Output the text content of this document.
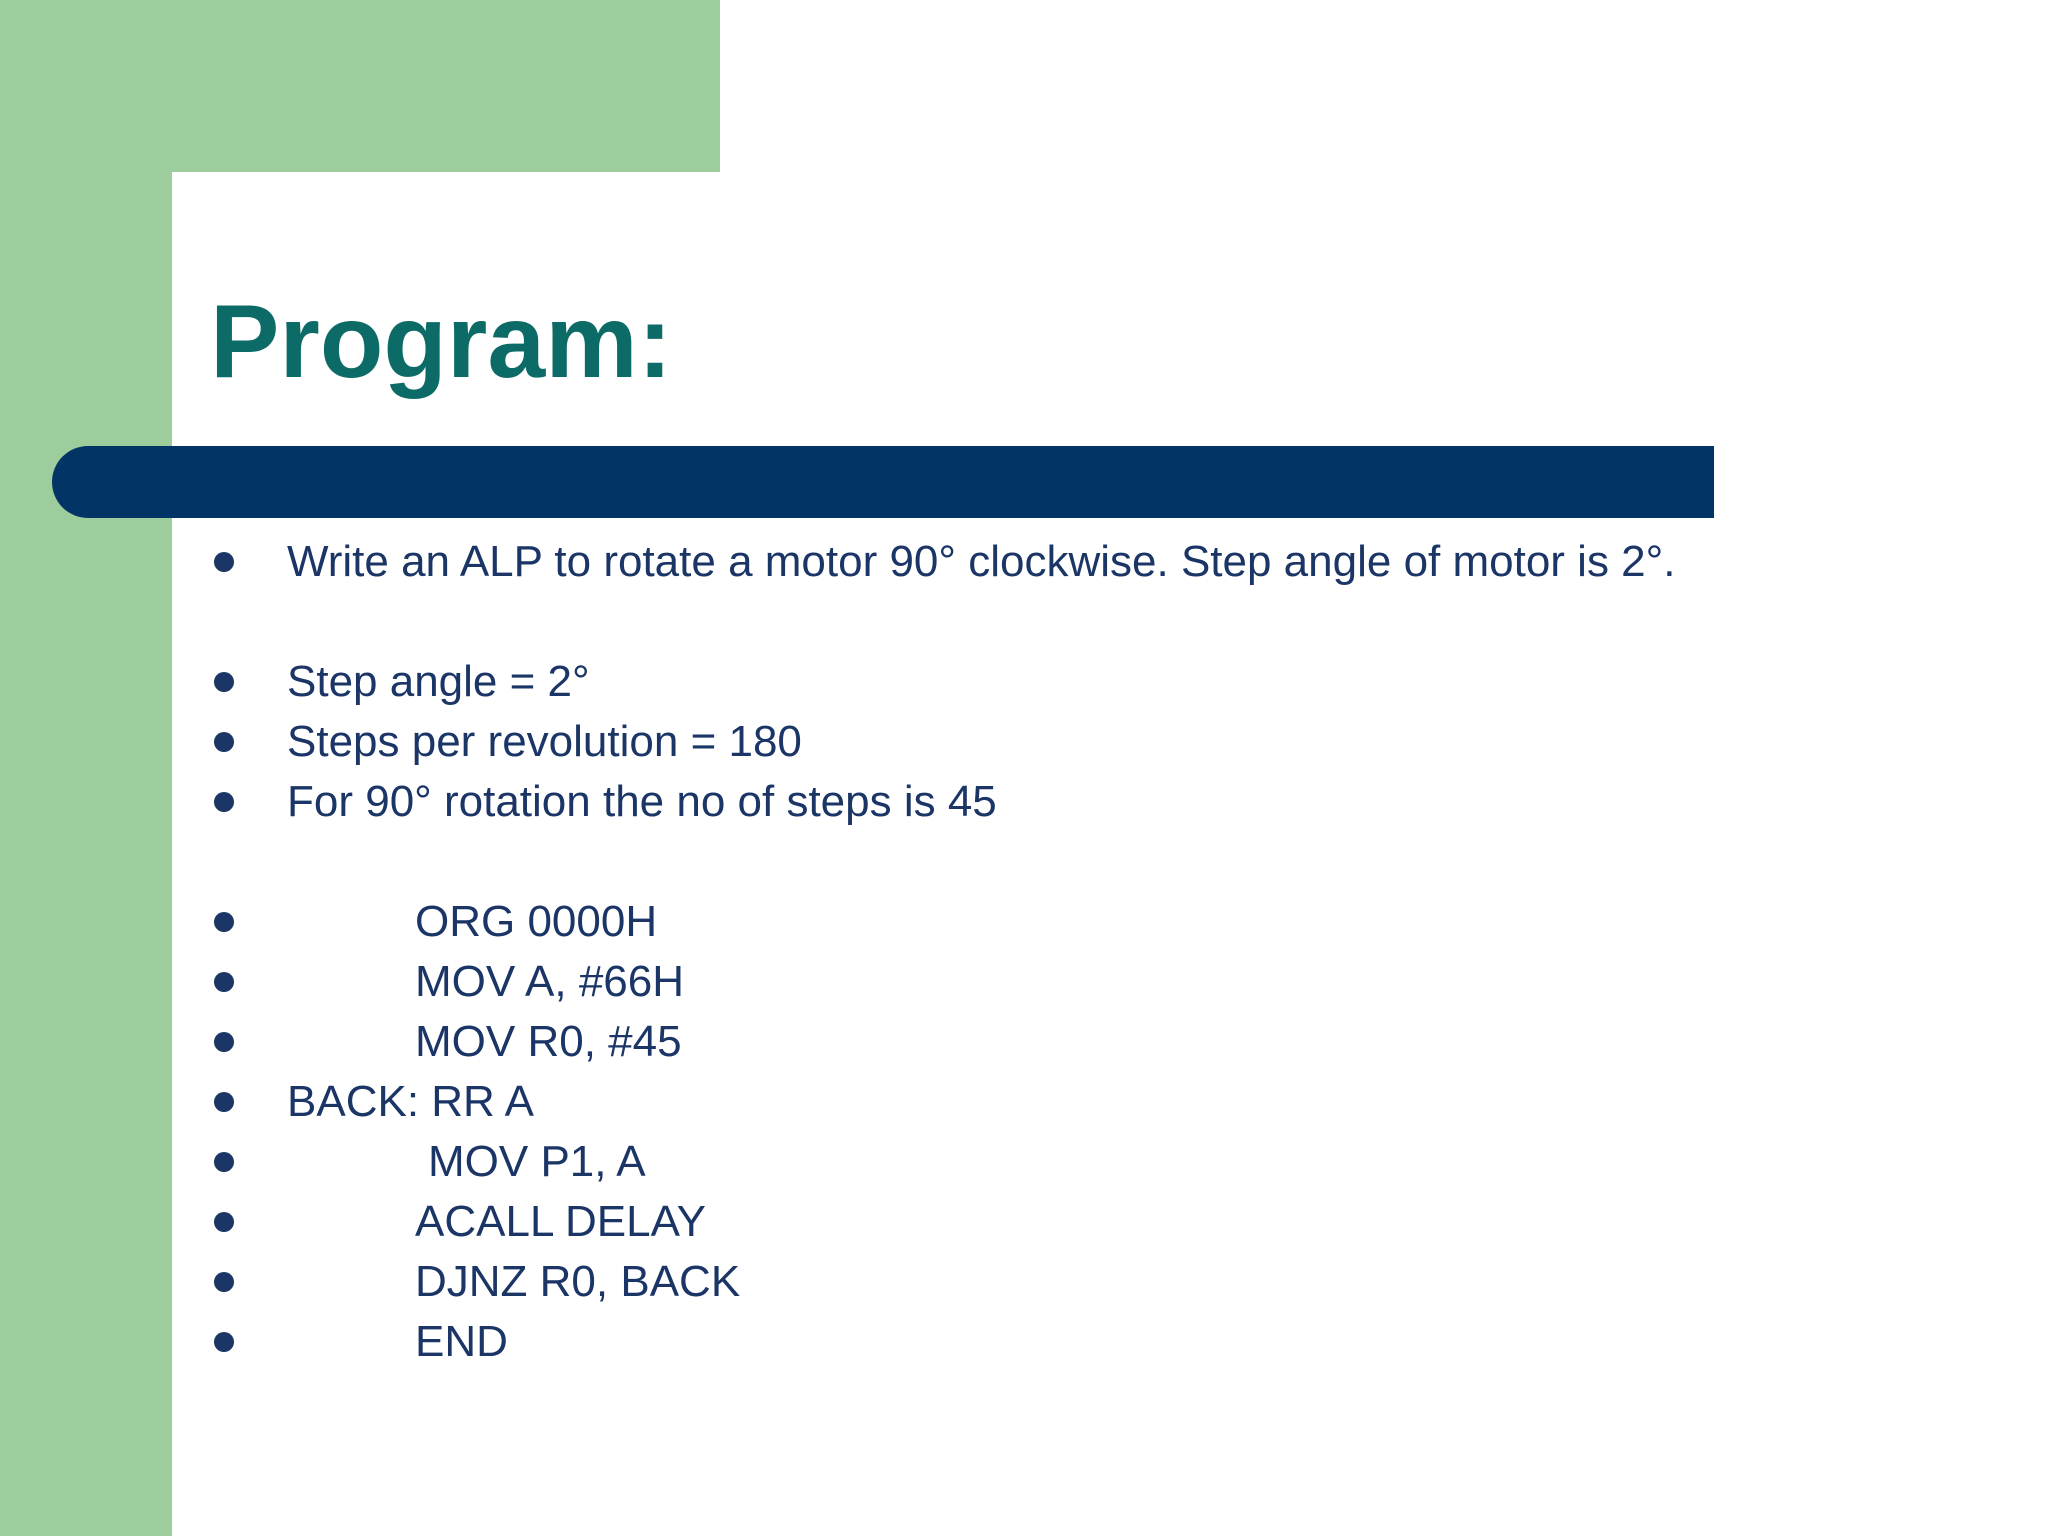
Program:
Write an ALP to rotate a motor 90° clockwise. Step angle of motor is 2°.
Step angle = 2°
Steps per revolution = 180
For 90° rotation the no of steps is 45
ORG 0000H
MOV A, #66H
MOV R0, #45
BACK: RR A
MOV P1, A
ACALL DELAY
DJNZ R0, BACK
END
